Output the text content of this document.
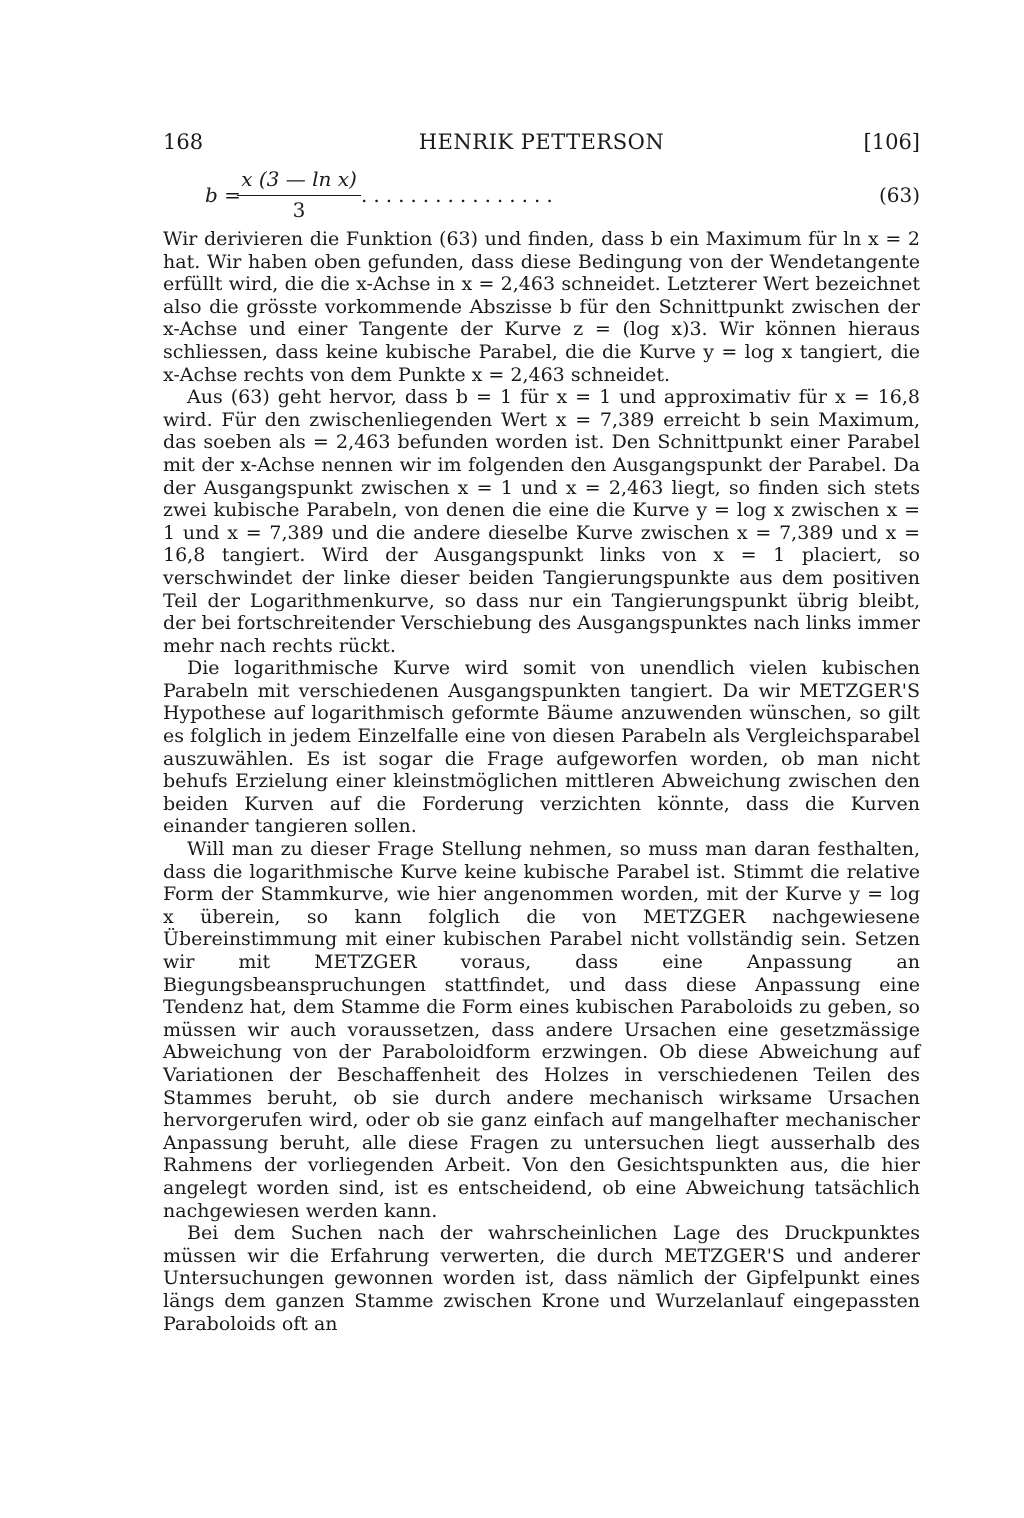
168	HENRIK PETTERSON	[106]
b =
x (3 — ln x)
3
................	(63)

Wir derivieren die Funktion (63) und finden, dass b ein Maximum für ln x = 2 hat. Wir haben oben gefunden, dass diese Bedingung von der Wendetangente erfüllt wird, die die x-Achse in x = 2,463 schneidet. Letzterer Wert bezeichnet also die grösste vorkommende Abszisse b für den Schnittpunkt zwischen der x-Achse und einer Tangente der Kurve z = (log x)3. Wir können hieraus schliessen, dass keine kubische Parabel, die die Kurve y = log x tangiert, die x-Achse rechts von dem Punkte x = 2,463 schneidet.

Aus (63) geht hervor, dass b = 1 für x = 1 und approximativ für x = 16,8 wird. Für den zwischenliegenden Wert x = 7,389 erreicht b sein Maximum, das soeben als = 2,463 befunden worden ist. Den Schnittpunkt einer Parabel mit der x-Achse nennen wir im folgenden den Ausgangspunkt der Parabel. Da der Ausgangspunkt zwischen x = 1 und x = 2,463 liegt, so finden sich stets zwei kubische Parabeln, von denen die eine die Kurve y = log x zwischen x = 1 und x = 7,389 und die andere dieselbe Kurve zwischen x = 7,389 und x = 16,8 tangiert. Wird der Ausgangspunkt links von x = 1 placiert, so verschwindet der linke dieser beiden Tangierungspunkte aus dem positiven Teil der Logarithmenkurve, so dass nur ein Tangierungspunkt übrig bleibt, der bei fortschreitender Verschiebung des Ausgangspunktes nach links immer mehr nach rechts rückt.

Die logarithmische Kurve wird somit von unendlich vielen kubischen Parabeln mit verschiedenen Ausgangspunkten tangiert. Da wir METZGER'S Hypothese auf logarithmisch geformte Bäume anzuwenden wünschen, so gilt es folglich in jedem Einzelfalle eine von diesen Parabeln als Vergleichsparabel auszuwählen. Es ist sogar die Frage aufgeworfen worden, ob man nicht behufs Erzielung einer kleinstmöglichen mittleren Abweichung zwischen den beiden Kurven auf die Forderung verzichten könnte, dass die Kurven einander tangieren sollen.

Will man zu dieser Frage Stellung nehmen, so muss man daran festhalten, dass die logarithmische Kurve keine kubische Parabel ist. Stimmt die relative Form der Stammkurve, wie hier angenommen worden, mit der Kurve y = log x überein, so kann folglich die von METZGER nachgewiesene Übereinstimmung mit einer kubischen Parabel nicht vollständig sein. Setzen wir mit METZGER voraus, dass eine Anpassung an Biegungsbeanspruchungen stattfindet, und dass diese Anpassung eine Tendenz hat, dem Stamme die Form eines kubischen Paraboloids zu geben, so müssen wir auch voraussetzen, dass andere Ursachen eine gesetzmässige Abweichung von der Paraboloidform erzwingen. Ob diese Abweichung auf Variationen der Beschaffenheit des Holzes in verschiedenen Teilen des Stammes beruht, ob sie durch andere mechanisch wirksame Ursachen hervorgerufen wird, oder ob sie ganz einfach auf mangelhafter mechanischer Anpassung beruht, alle diese Fragen zu untersuchen liegt ausserhalb des Rahmens der vorliegenden Arbeit. Von den Gesichtspunkten aus, die hier angelegt worden sind, ist es entscheidend, ob eine Abweichung tatsächlich nachgewiesen werden kann.

Bei dem Suchen nach der wahrscheinlichen Lage des Druckpunktes müssen wir die Erfahrung verwerten, die durch METZGER'S und anderer Untersuchungen gewonnen worden ist, dass nämlich der Gipfelpunkt eines längs dem ganzen Stamme zwischen Krone und Wurzelanlauf eingepassten Paraboloids oft an
